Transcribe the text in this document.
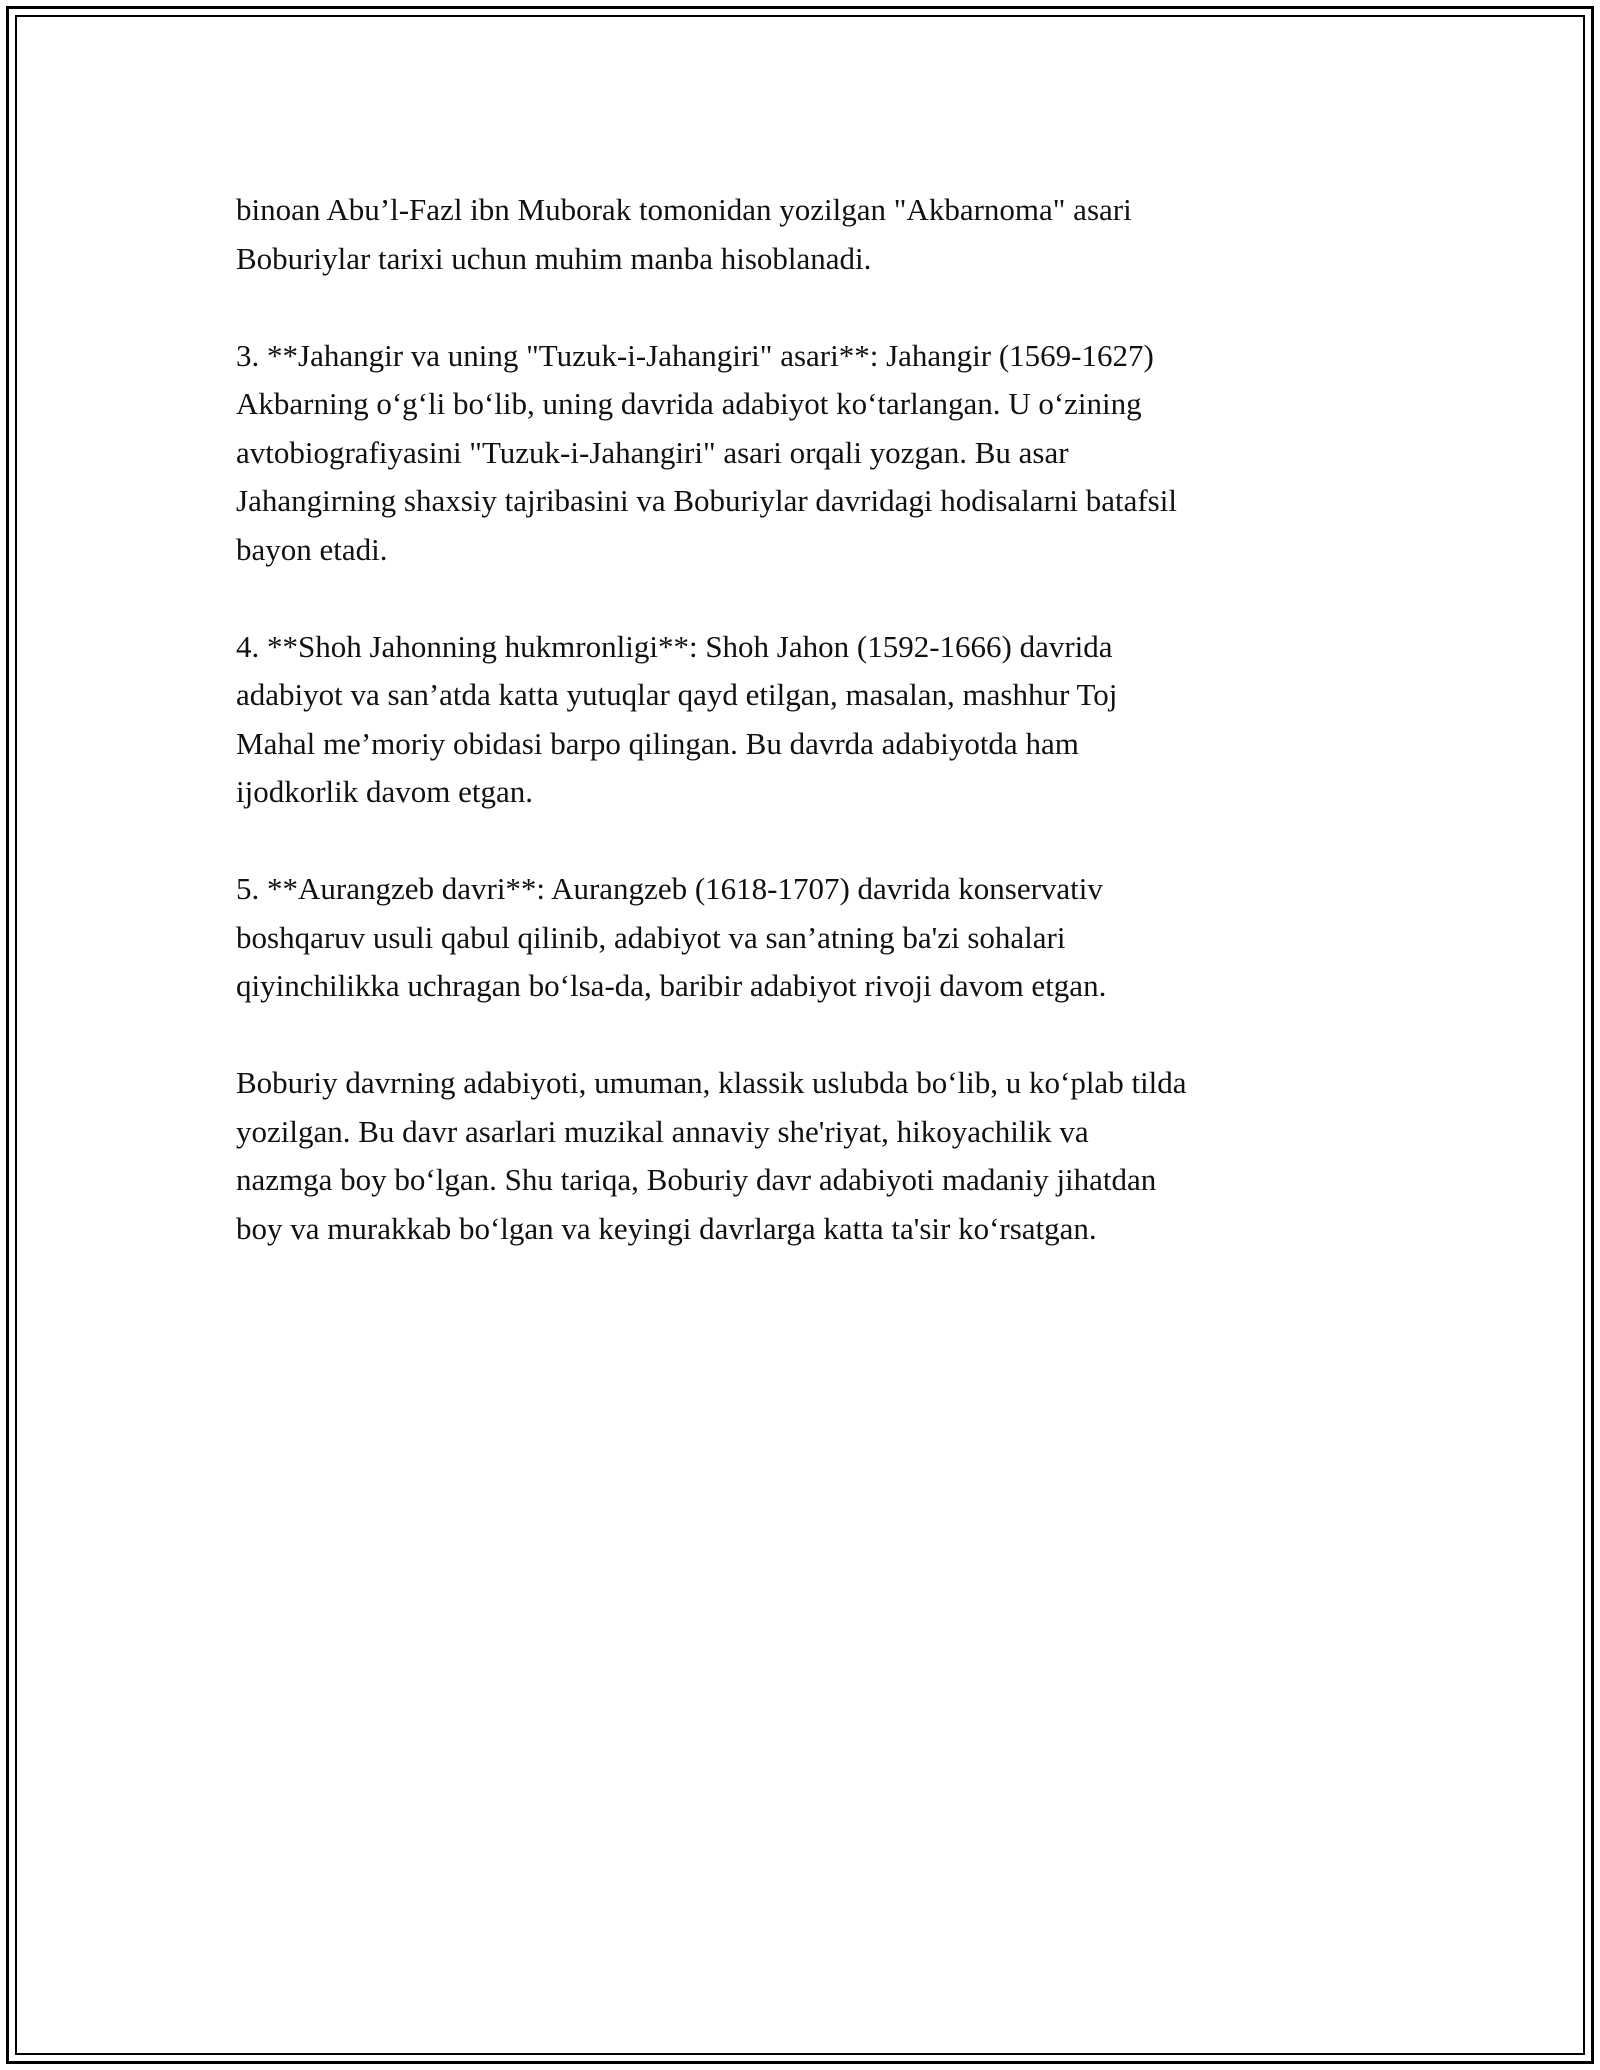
binoan Abu’l-Fazl ibn Muborak tomonidan yozilgan "Akbarnoma" asari
Boburiylar tarixi uchun muhim manba hisoblanadi.

3. **Jahangir va uning "Tuzuk-i-Jahangiri" asari**: Jahangir (1569-1627)
Akbarning o‘g‘li bo‘lib, uning davrida adabiyot ko‘tarlangan. U o‘zining
avtobiografiyasini "Tuzuk-i-Jahangiri" asari orqali yozgan. Bu asar
Jahangirning shaxsiy tajribasini va Boburiylar davridagi hodisalarni batafsil
bayon etadi.

4. **Shoh Jahonning hukmronligi**: Shoh Jahon (1592-1666) davrida
adabiyot va san’atda katta yutuqlar qayd etilgan, masalan, mashhur Toj
Mahal me’moriy obidasi barpo qilingan. Bu davrda adabiyotda ham
ijodkorlik davom etgan.

5. **Aurangzeb davri**: Aurangzeb (1618-1707) davrida konservativ
boshqaruv usuli qabul qilinib, adabiyot va san’atning ba'zi sohalari
qiyinchilikka uchragan bo‘lsa-da, baribir adabiyot rivoji davom etgan.

Boburiy davrning adabiyoti, umuman, klassik uslubda bo‘lib, u ko‘plab tilda
yozilgan. Bu davr asarlari muzikal annaviy she'riyat, hikoyachilik va
nazmga boy bo‘lgan. Shu tariqa, Boburiy davr adabiyoti madaniy jihatdan
boy va murakkab bo‘lgan va keyingi davrlarga katta ta'sir ko‘rsatgan.
